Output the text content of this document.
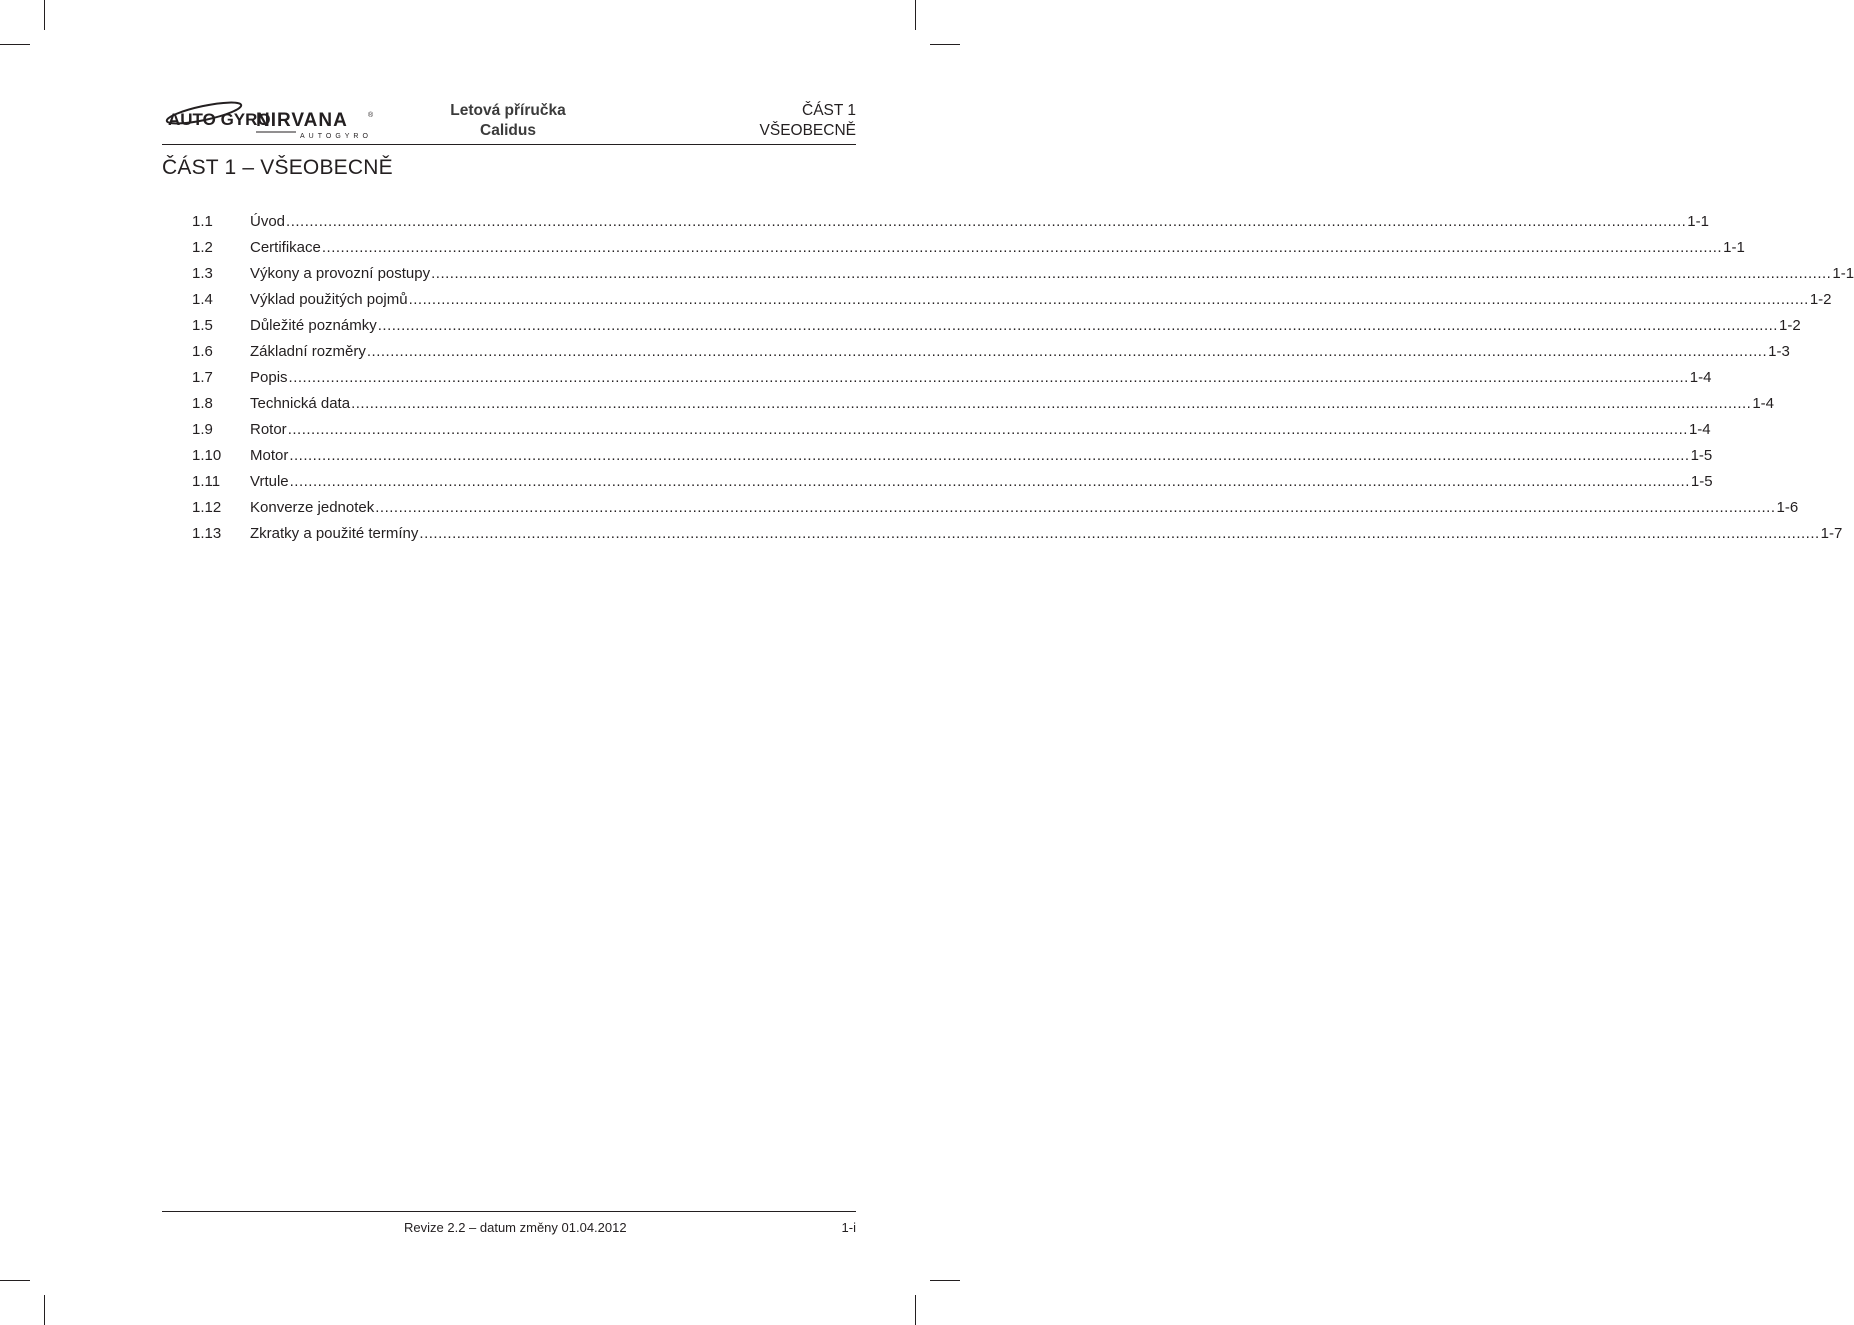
AUTO GYRO
NIRVANA	®
AUTOGYRO
Letová příručka
Calidus
ČÁST 1
VŠEOBECNĚ
ČÁST 1 – VŠEOBECNĚ
1.1	Úvod ............................................................................................................................................................................................................................................................................................................ 1-1
1.2	Certifikace ............................................................................................................................................................................................................................................................................................................ 1-1
1.3	Výkony a provozní postupy ............................................................................................................................................................................................................................................................................................................ 1-1
1.4	Výklad použitých pojmů ............................................................................................................................................................................................................................................................................................................ 1-2
1.5	Důležité poznámky ............................................................................................................................................................................................................................................................................................................ 1-2
1.6	Základní rozměry ............................................................................................................................................................................................................................................................................................................ 1-3
1.7	Popis ............................................................................................................................................................................................................................................................................................................ 1-4
1.8	Technická data ............................................................................................................................................................................................................................................................................................................ 1-4
1.9	Rotor ............................................................................................................................................................................................................................................................................................................ 1-4
1.10	Motor ............................................................................................................................................................................................................................................................................................................ 1-5
1.11	Vrtule ............................................................................................................................................................................................................................................................................................................ 1-5
1.12	Konverze jednotek ............................................................................................................................................................................................................................................................................................................ 1-6
1.13	Zkratky a použité termíny ............................................................................................................................................................................................................................................................................................................ 1-7
Revize 2.2 – datum změny 01.04.2012	1-i
